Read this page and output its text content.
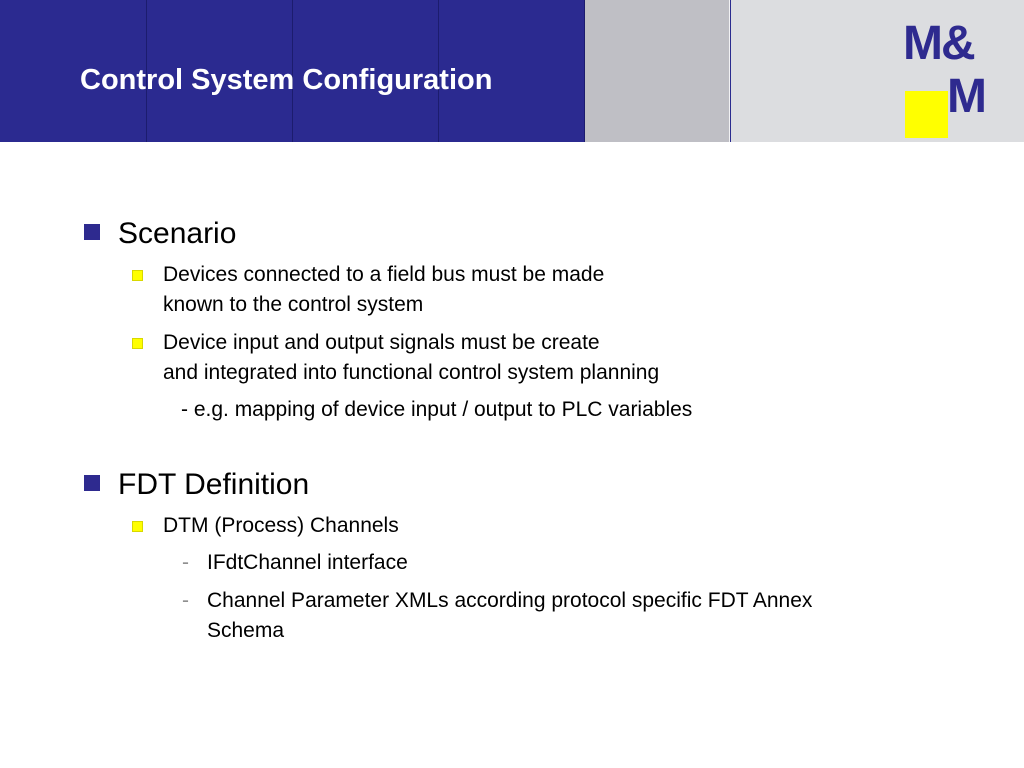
Control System Configuration

M&

M

Scenario

Devices connected to a field bus must be made
known to the control system
Device input and output signals must be create
and integrated into functional control system planning

- e.g. mapping of device input / output to PLC variables

FDT Definition

DTM (Process) Channels
- IFdtChannel interface
- Channel Parameter XMLs according protocol specific FDT Annex
Schema
